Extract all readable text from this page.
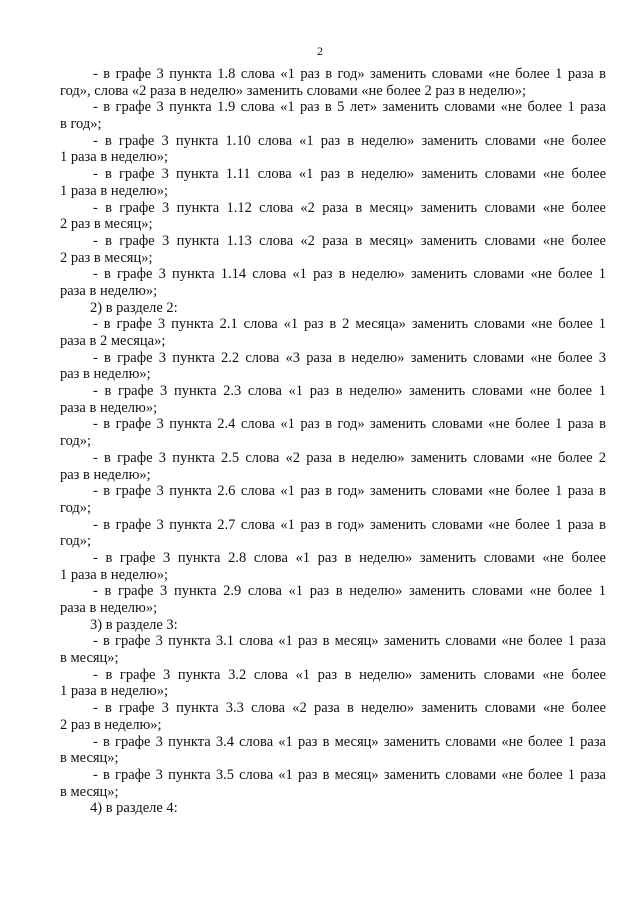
2
- в графе 3 пункта 1.8 слова «1 раз в год» заменить словами «не более 1 раза в
год», слова «2 раза в неделю» заменить словами «не более 2 раз в неделю»;
- в графе 3 пункта 1.9 слова «1 раз в 5 лет» заменить словами «не более 1 раза
в год»;
- в графе 3 пункта 1.10 слова «1 раз в неделю» заменить словами «не более
1 раза в неделю»;
- в графе 3 пункта 1.11 слова «1 раз в неделю» заменить словами «не более
1 раза в неделю»;
- в графе 3 пункта 1.12 слова «2 раза в месяц» заменить словами «не более
2 раз в месяц»;
- в графе 3 пункта 1.13 слова «2 раза в месяц» заменить словами «не более
2 раз в месяц»;
- в графе 3 пункта 1.14 слова «1 раз в неделю» заменить словами «не более 1
раза в неделю»;
2) в разделе 2:
- в графе 3 пункта 2.1 слова «1 раз в 2 месяца» заменить словами «не более 1
раза в 2 месяца»;
- в графе 3 пункта 2.2 слова «3 раза в неделю» заменить словами «не более 3
раз в неделю»;
- в графе 3 пункта 2.3 слова «1 раз в неделю» заменить словами «не более 1
раза в неделю»;
- в графе 3 пункта 2.4 слова «1 раз в год» заменить словами «не более 1 раза в
год»;
- в графе 3 пункта 2.5 слова «2 раза в неделю» заменить словами «не более 2
раз в неделю»;
- в графе 3 пункта 2.6 слова «1 раз в год» заменить словами «не более 1 раза в
год»;
- в графе 3 пункта 2.7 слова «1 раз в год» заменить словами «не более 1 раза в
год»;
- в графе 3 пункта 2.8 слова «1 раз в неделю» заменить словами «не более
1 раза в неделю»;
- в графе 3 пункта 2.9 слова «1 раз в неделю» заменить словами «не более 1
раза в неделю»;
3) в разделе 3:
- в графе 3 пункта 3.1 слова «1 раз в месяц» заменить словами «не более 1 раза
в месяц»;
- в графе 3 пункта 3.2 слова «1 раз в неделю» заменить словами «не более
1 раза в неделю»;
- в графе 3 пункта 3.3 слова «2 раза в неделю» заменить словами «не более
2 раз в неделю»;
- в графе 3 пункта 3.4 слова «1 раз в месяц» заменить словами «не более 1 раза
в месяц»;
- в графе 3 пункта 3.5 слова «1 раз в месяц» заменить словами «не более 1 раза
в месяц»;
4) в разделе 4:
